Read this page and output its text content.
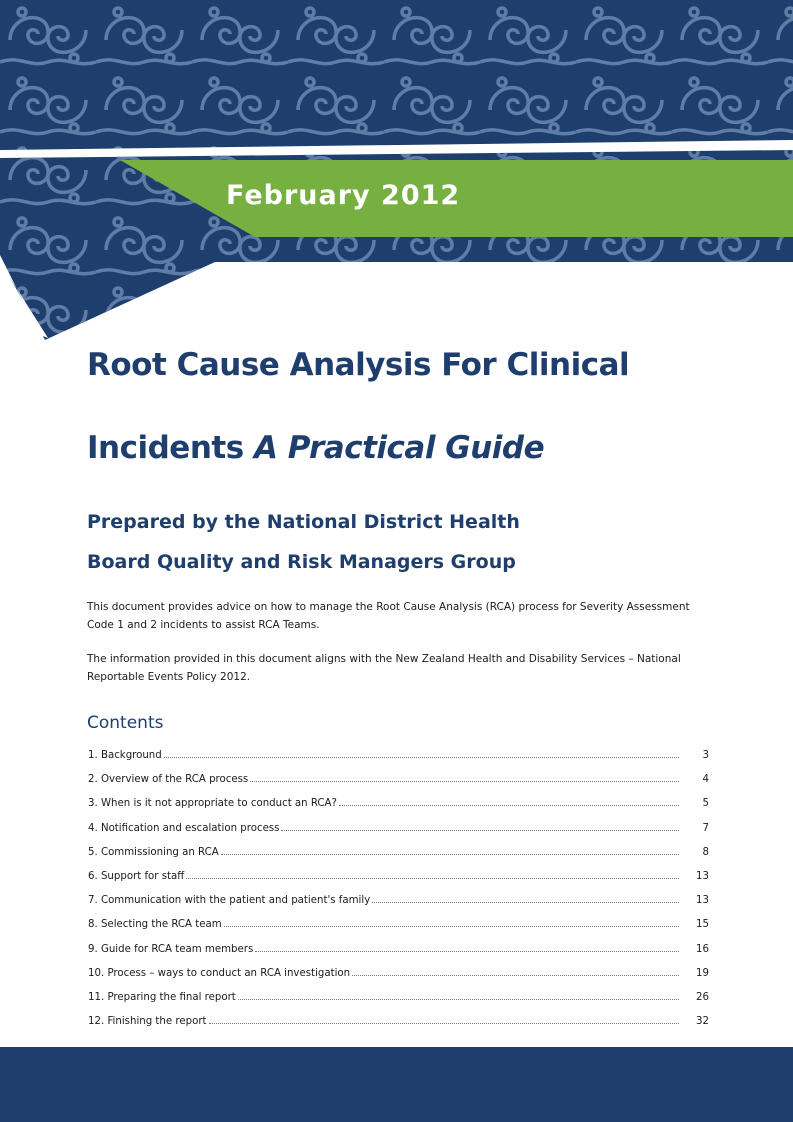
February 2012
Root Cause Analysis For Clinical
Incidents A Practical Guide
Prepared by the National District Health
Board Quality and Risk Managers Group

This document provides advice on how to manage the Root Cause Analysis (RCA) process for Severity Assessment Code 1 and 2 incidents to assist RCA Teams.

The information provided in this document aligns with the New Zealand Health and Disability Services – National Reportable Events Policy 2012.

Contents
1. Background	3
2. Overview of the RCA process	4
3. When is it not appropriate to conduct an RCA?	5
4. Notification and escalation process	7
5. Commissioning an RCA	8
6. Support for staff	13
7. Communication with the patient and patient's family	13
8. Selecting the RCA team	15
9. Guide for RCA team members	16
10. Process – ways to conduct an RCA investigation	19
11. Preparing the final report	26
12. Finishing the report	32
